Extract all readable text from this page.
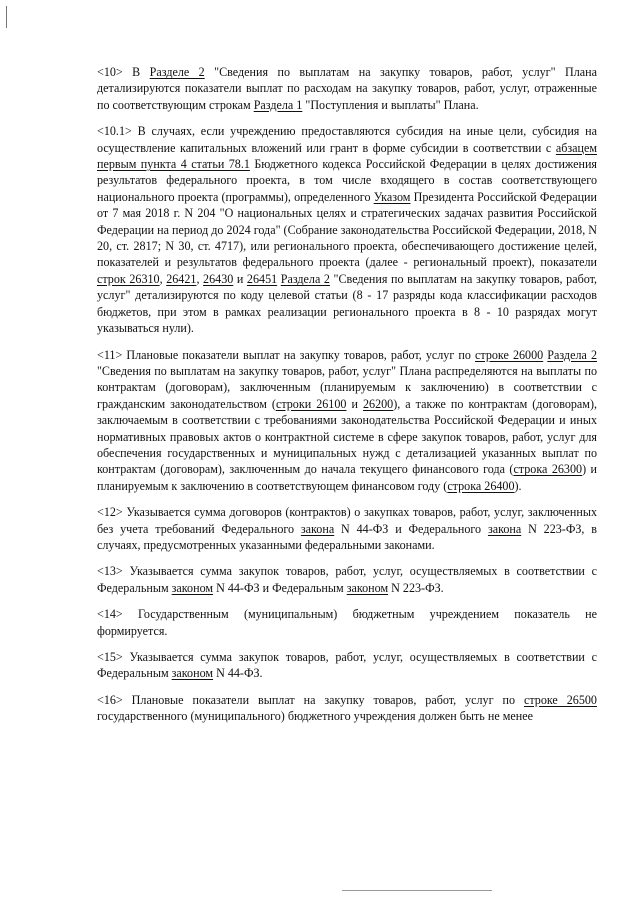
<10> В Разделе 2 "Сведения по выплатам на закупку товаров, работ, услуг" Плана детализируются показатели выплат по расходам на закупку товаров, работ, услуг, отраженные по соответствующим строкам Раздела 1 "Поступления и выплаты" Плана.

<10.1> В случаях, если учреждению предоставляются субсидия на иные цели, субсидия на осуществление капитальных вложений или грант в форме субсидии в соответствии с абзацем первым пункта 4 статьи 78.1 Бюджетного кодекса Российской Федерации в целях достижения результатов федерального проекта, в том числе входящего в состав соответствующего национального проекта (программы), определенного Указом Президента Российской Федерации от 7 мая 2018 г. N 204 "О национальных целях и стратегических задачах развития Российской Федерации на период до 2024 года" (Собрание законодательства Российской Федерации, 2018, N 20, ст. 2817; N 30, ст. 4717), или регионального проекта, обеспечивающего достижение целей, показателей и результатов федерального проекта (далее - региональный проект), показатели строк 26310, 26421, 26430 и 26451 Раздела 2 "Сведения по выплатам на закупку товаров, работ, услуг" детализируются по коду целевой статьи (8 - 17 разряды кода классификации расходов бюджетов, при этом в рамках реализации регионального проекта в 8 - 10 разрядах могут указываться нули).

<11> Плановые показатели выплат на закупку товаров, работ, услуг по строке 26000 Раздела 2 "Сведения по выплатам на закупку товаров, работ, услуг" Плана распределяются на выплаты по контрактам (договорам), заключенным (планируемым к заключению) в соответствии с гражданским законодательством (строки 26100 и 26200), а также по контрактам (договорам), заключаемым в соответствии с требованиями законодательства Российской Федерации и иных нормативных правовых актов о контрактной системе в сфере закупок товаров, работ, услуг для обеспечения государственных и муниципальных нужд с детализацией указанных выплат по контрактам (договорам), заключенным до начала текущего финансового года (строка 26300) и планируемым к заключению в соответствующем финансовом году (строка 26400).

<12> Указывается сумма договоров (контрактов) о закупках товаров, работ, услуг, заключенных без учета требований Федерального закона N 44-ФЗ и Федерального закона N 223-ФЗ, в случаях, предусмотренных указанными федеральными законами.

<13> Указывается сумма закупок товаров, работ, услуг, осуществляемых в соответствии с Федеральным законом N 44-ФЗ и Федеральным законом N 223-ФЗ.

<14> Государственным (муниципальным) бюджетным учреждением показатель не формируется.

<15> Указывается сумма закупок товаров, работ, услуг, осуществляемых в соответствии с Федеральным законом N 44-ФЗ.

<16> Плановые показатели выплат на закупку товаров, работ, услуг по строке 26500 государственного (муниципального) бюджетного учреждения должен быть не менее
